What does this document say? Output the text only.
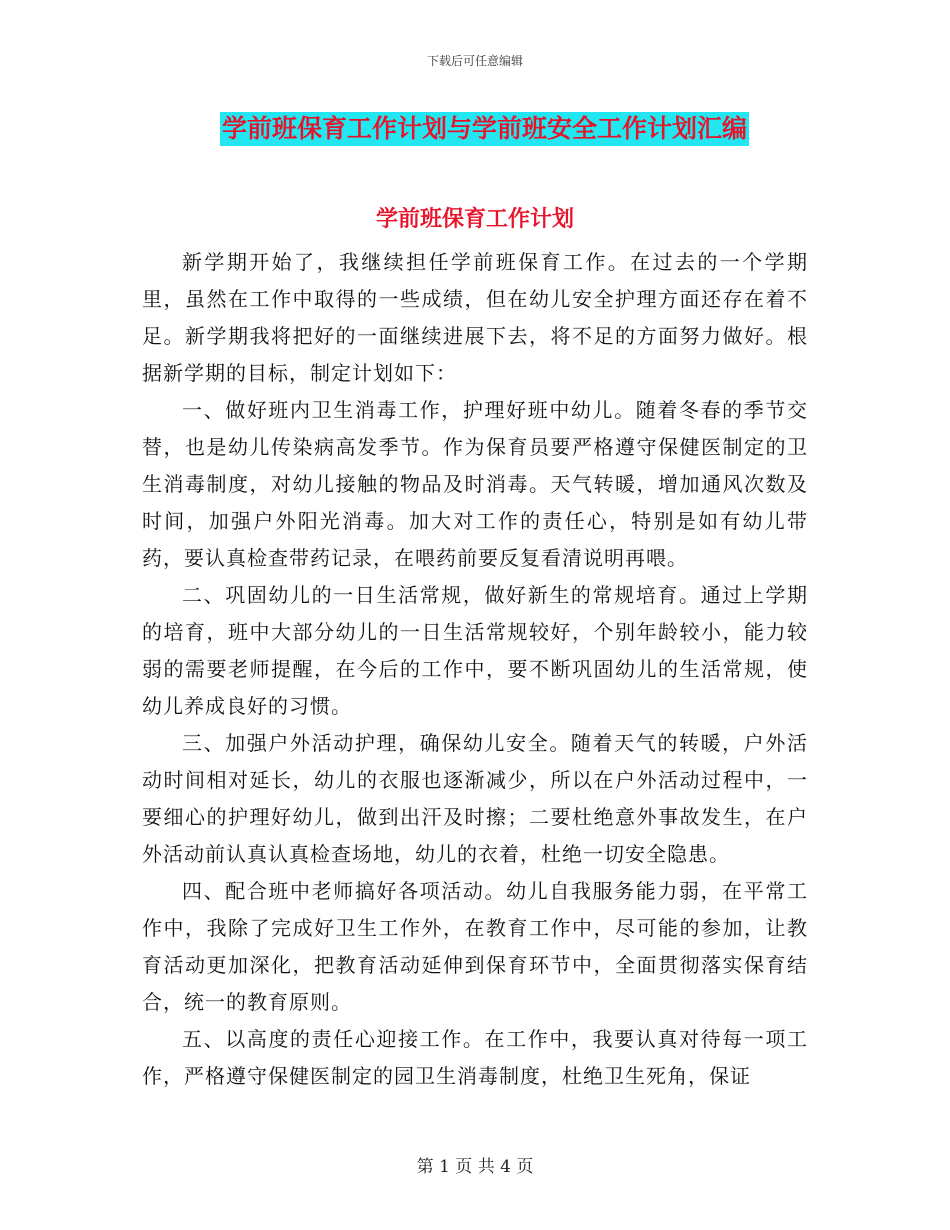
下载后可任意编辑
学前班保育工作计划与学前班安全工作计划汇编
学前班保育工作计划

新学期开始了，我继续担任学前班保育工作。在过去的一个学期里，虽然在工作中取得的一些成绩，但在幼儿安全护理方面还存在着不足。新学期我将把好的一面继续进展下去，将不足的方面努力做好。根据新学期的目标，制定计划如下：

一、做好班内卫生消毒工作，护理好班中幼儿。随着冬春的季节交替，也是幼儿传染病高发季节。作为保育员要严格遵守保健医制定的卫生消毒制度，对幼儿接触的物品及时消毒。天气转暖，增加通风次数及时间，加强户外阳光消毒。加大对工作的责任心，特别是如有幼儿带药，要认真检查带药记录，在喂药前要反复看清说明再喂。

二、巩固幼儿的一日生活常规，做好新生的常规培育。通过上学期的培育，班中大部分幼儿的一日生活常规较好，个别年龄较小，能力较弱的需要老师提醒，在今后的工作中，要不断巩固幼儿的生活常规，使幼儿养成良好的习惯。

三、加强户外活动护理，确保幼儿安全。随着天气的转暖，户外活动时间相对延长，幼儿的衣服也逐渐减少，所以在户外活动过程中，一要细心的护理好幼儿，做到出汗及时擦；二要杜绝意外事故发生，在户外活动前认真认真检查场地，幼儿的衣着，杜绝一切安全隐患。

四、配合班中老师搞好各项活动。幼儿自我服务能力弱，在平常工作中，我除了完成好卫生工作外，在教育工作中，尽可能的参加，让教育活动更加深化，把教育活动延伸到保育环节中，全面贯彻落实保育结合，统一的教育原则。

五、以高度的责任心迎接工作。在工作中，我要认真对待每一项工作，严格遵守保健医制定的园卫生消毒制度，杜绝卫生死角，保证

第 1 页 共 4 页
